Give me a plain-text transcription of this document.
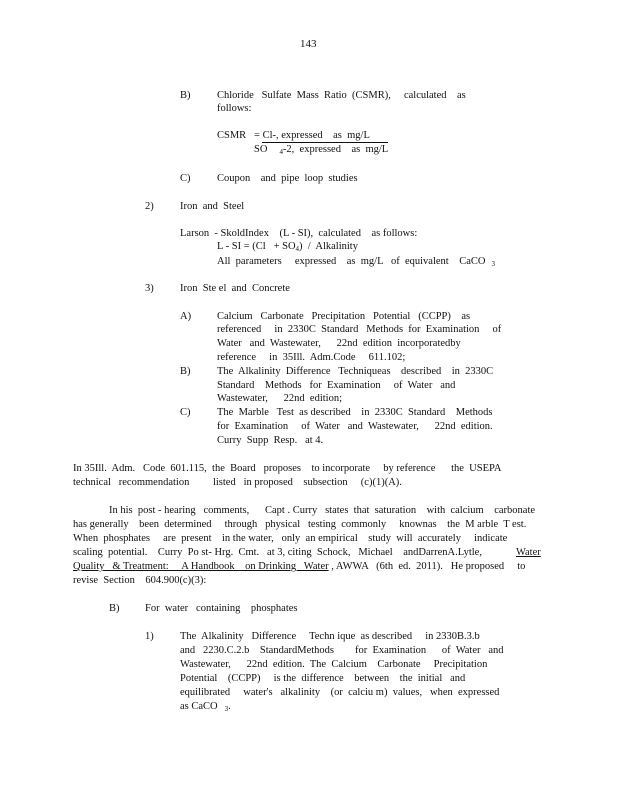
143
B)	Chloride   Sulfate  Mass  Ratio  (CSMR),     calculated    as
follows:
CSMR   = Cl
-, expressed    as  mg/L
SO $_4$-2,  expressed    as  mg/L
C)	Coupon    and  pipe  loop  studies
2)	Iron  and  Steel
Larson  - SkoldIndex    (L - SI),  calculated    as follows:
L - SI = $(Cl + SO_4)$  /  Alkalinity
All  parameters     expressed    as  mg/L   of  equivalent    CaCO $_3$
3)	Iron  Ste el  and  Concrete
A) Calcium   Carbonate   Precipitation   Potential   (CCPP)    as
referenced     in  2330C  Standard   Methods  for  Examination     of
Water   and  Wastewater,      22nd  edition  incorporatedby
reference     in  35Ill.  Adm.Code     611.102;
B)	The  Alkalinity  Difference   Techniqueas    described    in  2330C
Standard    Methods   for  Examination     of  Water   and
Wastewater,      22nd  edition;
C)	The  Marble   Test  as described    in  2330C  Standard    Methods
for  Examination     of  Water   and  Wastewater,      22nd  edition.
Curry  Supp  Resp.   at 4.
In 35Ill.  Adm.   Code  601.115,  the  Board   proposes    to incorporate     by reference      the  USEPA
technical   recommendation         listed   in proposed    subsection     (c)(1)(A).
In his  post - hearing   comments,      Capt . Curry   states  that  saturation    with  calcium    carbonate
has generally    been  determined     through   physical   testing  commonly     knownas    the  M arble  T est.
When  phosphates     are  present    in the water,   only  an empirical    study  will  accurately     indicate
scaling  potential.    Curry  Po st- Hrg.  Cmt.   at 3, citing  Schock,   Michael    andDarrenA.Lytle,	Water
Quality   & Treatment:     A Handbook    on Drinking   Water , AWWA   (6th  ed.  2011).   He proposed     to
revise  Section    604.900(c)(3):
B) For  water   containing    phosphates
1)	The  Alkalinity   Difference     Techn ique  as described     in 2330B.3.b
and   2230.C.2.b    StandardMethods        for  Examination      of  Water   and
Wastewater,      22nd  edition.  The  Calcium    Carbonate     Precipitation
Potential    (CCPP)     is the  difference    between    the  initial   and
equilibrated     water's   alkalinity    (or  calciu m)  values,   when  expressed
as CaCO $_3$.
